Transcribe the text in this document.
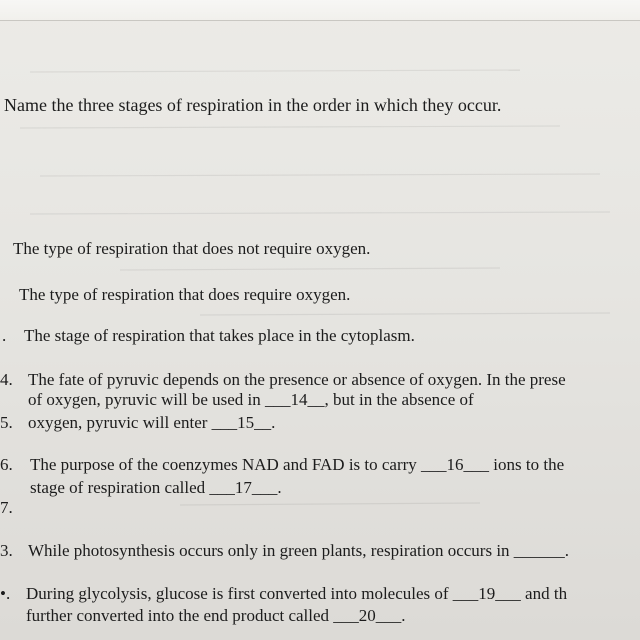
Name the three stages of respiration in the order in which they occur.
The type of respiration that does not require oxygen.
The type of respiration that does require oxygen.
. The stage of respiration that takes place in the cytoplasm.
4. The fate of pyruvic depends on the presence or absence of oxygen. In the prese
of oxygen, pyruvic will be used in ___14__, but in the absence of
5. oxygen, pyruvic will enter ___15__.
6. The purpose of the coenzymes NAD and FAD is to carry ___16___ ions to the
stage of respiration called ___17___.
7.
3. While photosynthesis occurs only in green plants, respiration occurs in ______.
•. During glycolysis, glucose is first converted into molecules of ___19___ and th
further converted into the end product called ___20___.
